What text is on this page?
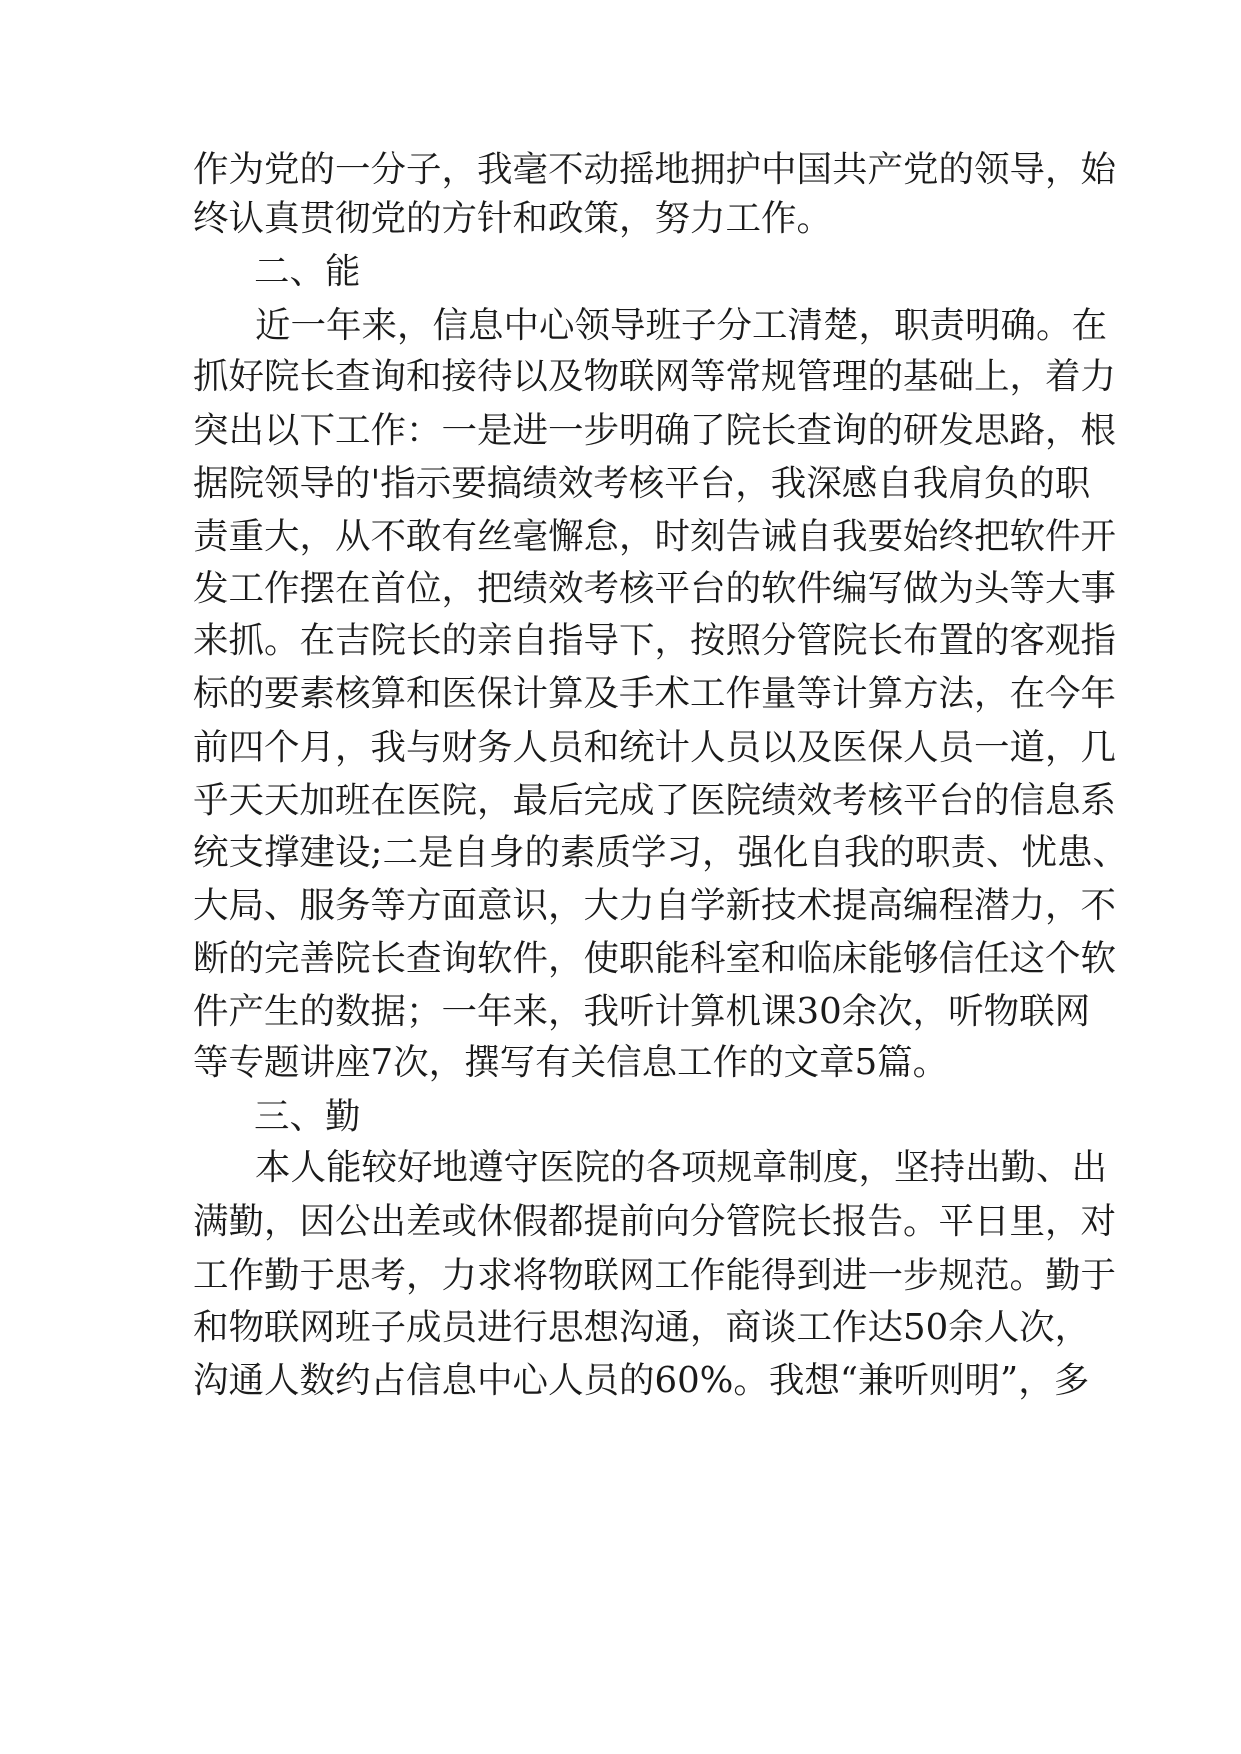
作为党的一分子，我毫不动摇地拥护中国共产党的领导，始
终认真贯彻党的方针和政策，努力工作。
二、能
近一年来，信息中心领导班子分工清楚，职责明确。在
抓好院长查询和接待以及物联网等常规管理的基础上，着力
突出以下工作：一是进一步明确了院长查询的研发思路，根
据院领导的'指示要搞绩效考核平台，我深感自我肩负的职
责重大，从不敢有丝毫懈怠，时刻告诫自我要始终把软件开
发工作摆在首位，把绩效考核平台的软件编写做为头等大事
来抓。在吉院长的亲自指导下，按照分管院长布置的客观指
标的要素核算和医保计算及手术工作量等计算方法，在今年
前四个月，我与财务人员和统计人员以及医保人员一道，几
乎天天加班在医院，最后完成了医院绩效考核平台的信息系
统支撑建设;二是自身的素质学习，强化自我的职责、忧患、
大局、服务等方面意识，大力自学新技术提高编程潜力，不
断的完善院长查询软件，使职能科室和临床能够信任这个软
件产生的数据；一年来，我听计算机课30余次，听物联网
等专题讲座7次，撰写有关信息工作的文章5篇。
三、勤
本人能较好地遵守医院的各项规章制度，坚持出勤、出
满勤，因公出差或休假都提前向分管院长报告。平日里，对
工作勤于思考，力求将物联网工作能得到进一步规范。勤于
和物联网班子成员进行思想沟通，商谈工作达50余人次，
沟通人数约占信息中心人员的60%。我想“兼听则明”，多
